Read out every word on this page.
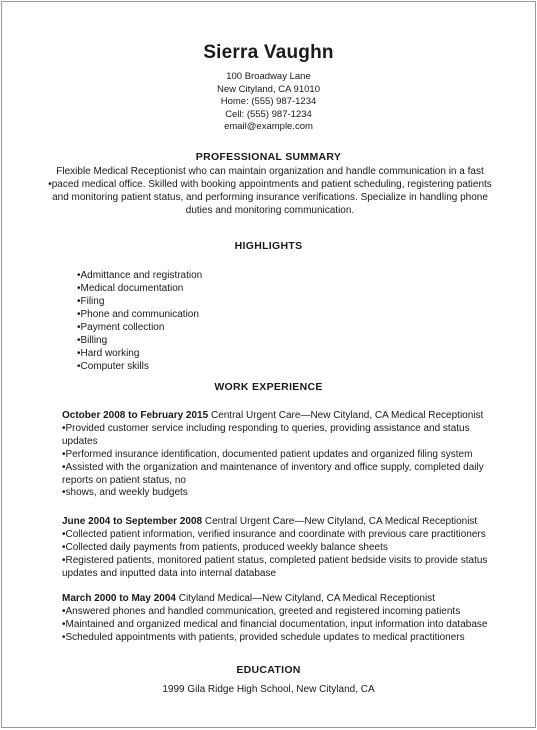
Sierra Vaughn
100 Broadway Lane
New Cityland, CA 91010
Home: (555) 987-1234
Cell: (555) 987-1234
email@example.com
PROFESSIONAL SUMMARY
Flexible Medical Receptionist who can maintain organization and handle communication in a fast
•paced medical office. Skilled with booking appointments and patient scheduling, registering patients
and monitoring patient status, and performing insurance verifications. Specialize in handling phone
duties and monitoring communication.
HIGHLIGHTS
•Admittance and registration
•Medical documentation
•Filing
•Phone and communication
•Payment collection
•Billing
•Hard working
•Computer skills
WORK EXPERIENCE
October 2008 to February 2015 Central Urgent Care—New Cityland, CA Medical Receptionist
•Provided customer service including responding to queries, providing assistance and status
updates
•Performed insurance identification, documented patient updates and organized filing system
•Assisted with the organization and maintenance of inventory and office supply, completed daily
reports on patient status, no
•shows, and weekly budgets
June 2004 to September 2008 Central Urgent Care—New Cityland, CA Medical Receptionist
•Collected patient information, verified insurance and coordinate with previous care practitioners
•Collected daily payments from patients, produced weekly balance sheets
•Registered patients, monitored patient status, completed patient bedside visits to provide status
updates and inputted data into internal database
March 2000 to May 2004 Cityland Medical—New Cityland, CA Medical Receptionist
•Answered phones and handled communication, greeted and registered incoming patients
•Maintained and organized medical and financial documentation, input information into database
•Scheduled appointments with patients, provided schedule updates to medical practitioners
EDUCATION
1999 Gila Ridge High School, New Cityland, CA
